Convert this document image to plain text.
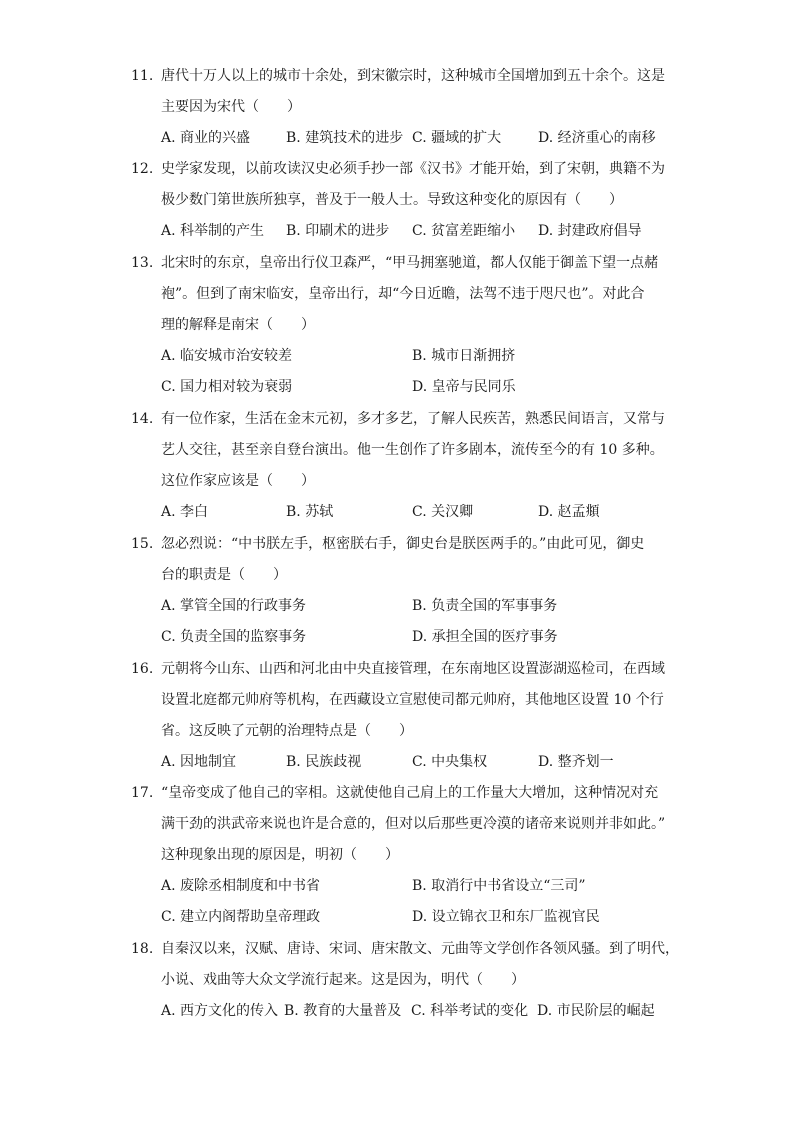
11. 唐代十万人以上的城市十余处，到宋徽宗时，这种城市全国增加到五十余个。这是
主要因为宋代（　　）
A. 商业的兴盛	B. 建筑技术的进步 C. 疆域的扩大	D. 经济重心的南移
12. 史学家发现，以前攻读汉史必须手抄一部《汉书》才能开始，到了宋朝，典籍不为
极少数门第世族所独享，普及于一般人士。导致这种变化的原因有（　　）
A. 科举制的产生 B. 印刷术的进步 C. 贫富差距缩小 D. 封建政府倡导
13. 北宋时的东京，皇帝出行仪卫森严，“甲马拥塞驰道，都人仅能于御盖下望一点赭
袍”。但到了南宋临安，皇帝出行，却“今日近瞻，法驾不违于咫尺也”。对此合
理的解释是南宋（　　）
A. 临安城市治安较差	B. 城市日渐拥挤
C. 国力相对较为衰弱	D. 皇帝与民同乐
14. 有一位作家，生活在金末元初，多才多艺，了解人民疾苦，熟悉民间语言，又常与
艺人交往，甚至亲自登台演出。他一生创作了许多剧本，流传至今的有 10 多种。
这位作家应该是（　　）
A. 李白	B. 苏轼	C. 关汉卿	D. 赵孟頫
15. 忽必烈说：“中书朕左手，枢密朕右手，御史台是朕医两手的。”由此可见，御史
台的职责是（　　）
A. 掌管全国的行政事务	B. 负责全国的军事事务
C. 负责全国的监察事务	D. 承担全国的医疗事务
16. 元朝将今山东、山西和河北由中央直接管理，在东南地区设置澎湖巡检司，在西域
设置北庭都元帅府等机构，在西藏设立宣慰使司都元帅府，其他地区设置 10 个行
省。这反映了元朝的治理特点是（　　）
A. 因地制宜	B. 民族歧视	C. 中央集权	D. 整齐划一
17. “皇帝变成了他自己的宰相。这就使他自己肩上的工作量大大增加，这种情况对充
满干劲的洪武帝来说也许是合意的，但对以后那些更冷漠的诸帝来说则并非如此。”
这种现象出现的原因是，明初（　　）
A. 废除丞相制度和中书省	B. 取消行中书省设立“三司”
C. 建立内阁帮助皇帝理政	D. 设立锦衣卫和东厂监视官民
18. 自秦汉以来，汉赋、唐诗、宋词、唐宋散文、元曲等文学创作各领风骚。到了明代，
小说、戏曲等大众文学流行起来。这是因为，明代（　　）
A. 西方文化的传入 B. 教育的大量普及 C. 科举考试的变化 D. 市民阶层的崛起
